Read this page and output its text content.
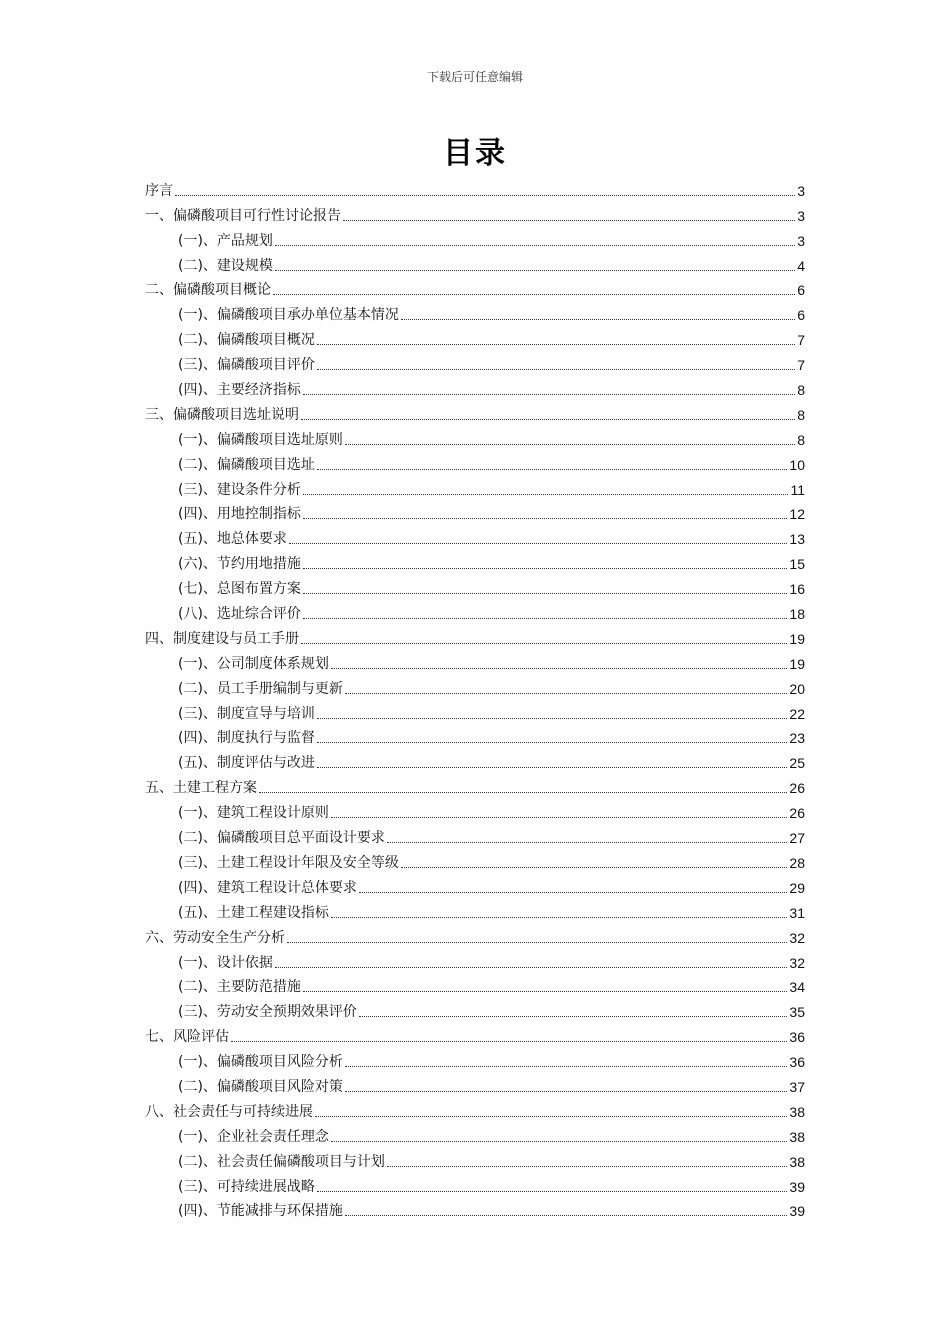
下载后可任意编辑
目录
序言	3
一、偏磷酸项目可行性讨论报告	3
(一)、产品规划	3
(二)、建设规模	4
二、偏磷酸项目概论	6
(一)、偏磷酸项目承办单位基本情况	6
(二)、偏磷酸项目概况	7
(三)、偏磷酸项目评价	7
(四)、主要经济指标	8
三、偏磷酸项目选址说明	8
(一)、偏磷酸项目选址原则	8
(二)、偏磷酸项目选址	10
(三)、建设条件分析	11
(四)、用地控制指标	12
(五)、地总体要求	13
(六)、节约用地措施	15
(七)、总图布置方案	16
(八)、选址综合评价	18
四、制度建设与员工手册	19
(一)、公司制度体系规划	19
(二)、员工手册编制与更新	20
(三)、制度宣导与培训	22
(四)、制度执行与监督	23
(五)、制度评估与改进	25
五、土建工程方案	26
(一)、建筑工程设计原则	26
(二)、偏磷酸项目总平面设计要求	27
(三)、土建工程设计年限及安全等级	28
(四)、建筑工程设计总体要求	29
(五)、土建工程建设指标	31
六、劳动安全生产分析	32
(一)、设计依据	32
(二)、主要防范措施	34
(三)、劳动安全预期效果评价	35
七、风险评估	36
(一)、偏磷酸项目风险分析	36
(二)、偏磷酸项目风险对策	37
八、社会责任与可持续进展	38
(一)、企业社会责任理念	38
(二)、社会责任偏磷酸项目与计划	38
(三)、可持续进展战略	39
(四)、节能减排与环保措施	39
